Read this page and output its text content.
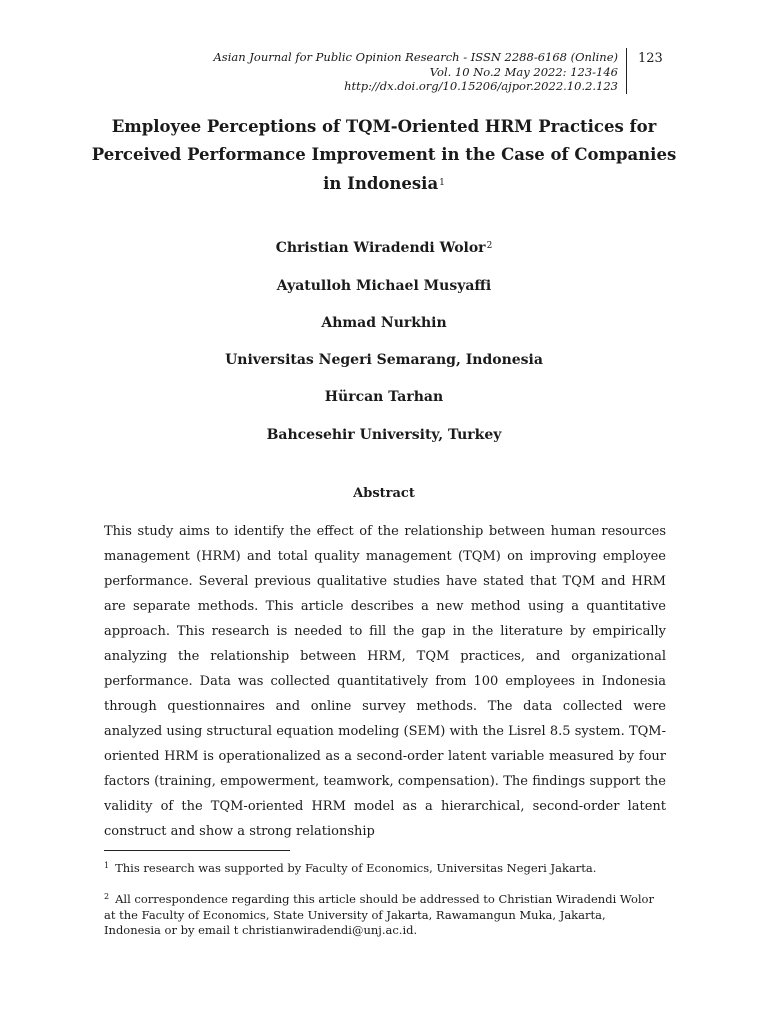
Asian Journal for Public Opinion Research - ISSN 2288-6168 (Online)
Vol. 10 No.2 May 2022: 123-146
http://dx.doi.org/10.15206/ajpor.2022.10.2.123
123
Employee Perceptions of TQM-Oriented HRM Practices for Perceived Performance Improvement in the Case of Companies in Indonesia$^1$
Christian Wiradendi Wolor$^2$
Ayatulloh Michael Musyaffi
Ahmad Nurkhin
Universitas Negeri Semarang, Indonesia
Hürcan Tarhan
Bahcesehir University, Turkey
Abstract
This study aims to identify the effect of the relationship between human resources management (HRM) and total quality management (TQM) on improving employee performance. Several previous qualitative studies have stated that TQM and HRM are separate methods. This article describes a new method using a quantitative approach. This research is needed to fill the gap in the literature by empirically analyzing the relationship between HRM, TQM practices, and organizational performance. Data was collected quantitatively from 100 employees in Indonesia through questionnaires and online survey methods. The data collected were analyzed using structural equation modeling (SEM) with the Lisrel 8.5 system. TQM-oriented HRM is operationalized as a second-order latent variable measured by four factors (training, empowerment, teamwork, compensation). The findings support the validity of the TQM-oriented HRM model as a hierarchical, second-order latent construct and show a strong relationship
$^1$ This research was supported by Faculty of Economics, Universitas Negeri Jakarta.
$^2$ All correspondence regarding this article should be addressed to Christian Wiradendi Wolor at the Faculty of Economics, State University of Jakarta, Rawamangun Muka, Jakarta, Indonesia or by email t christianwiradendi@unj.ac.id.
